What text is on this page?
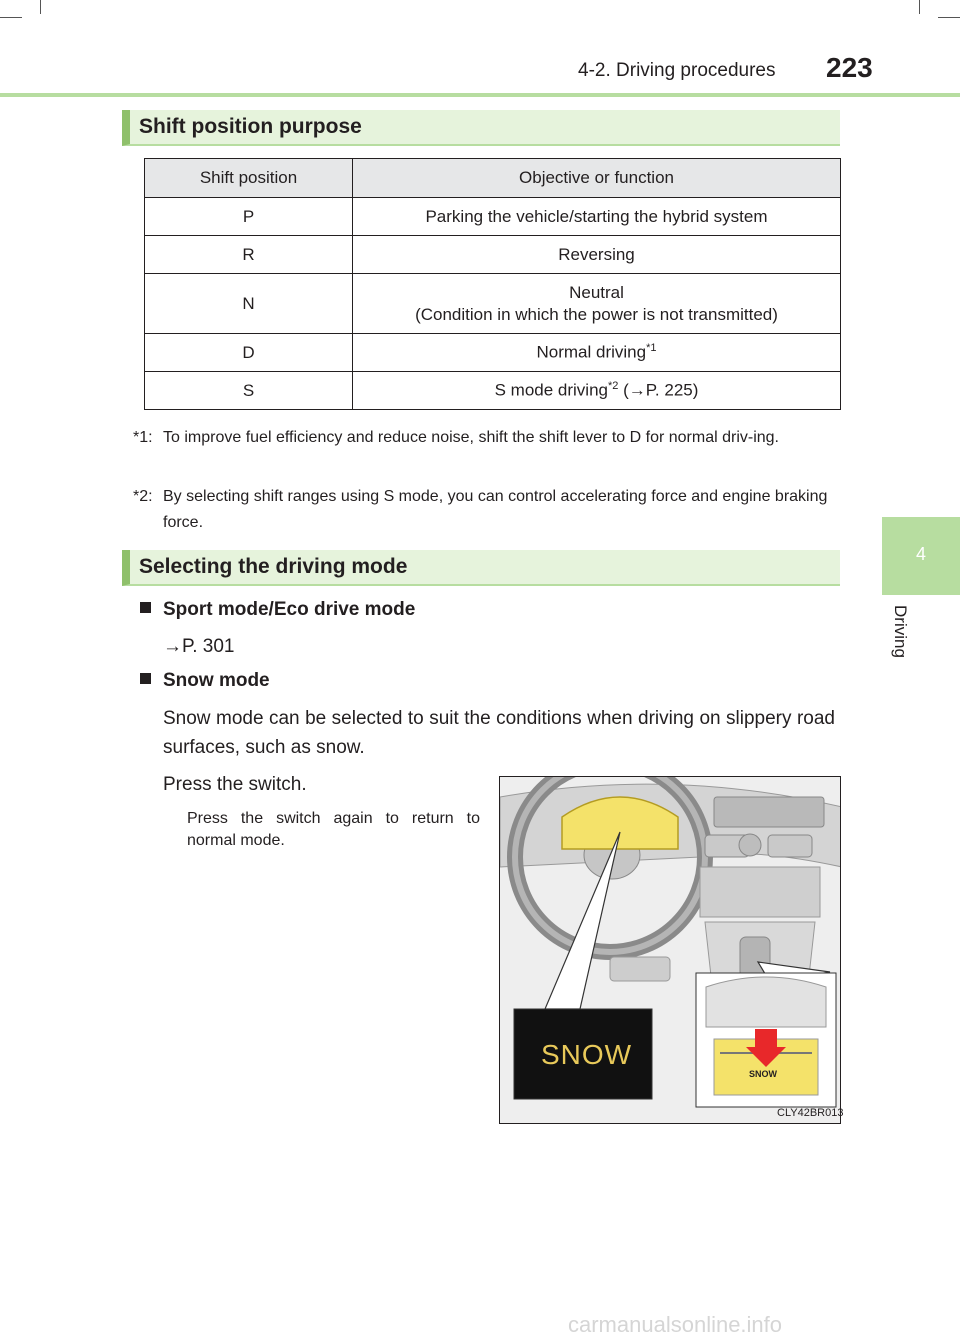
4-2. Driving procedures 223
4
Driving
Shift position purpose
Shift position	Objective or function
P	Parking the vehicle/starting the hybrid system
R	Reversing
N	Neutral
(Condition in which the power is not transmitted)

D	Normal driving$^{*1}$
S	S mode driving$^{*2}$ (→P. 225)
*1: To improve fuel efficiency and reduce noise, shift the shift lever to D for normal driv-ing.
*2: By selecting shift ranges using S mode, you can control accelerating force and engine braking force.
Selecting the driving mode
Sport mode/Eco drive mode
→P. 301
Snow mode
Snow mode can be selected to suit the conditions when driving on slippery road surfaces, such as snow.
Press the switch.
Press the switch again to return to normal mode.
SNOW
SNOW
CLY42BR013
carmanualsonline.info
